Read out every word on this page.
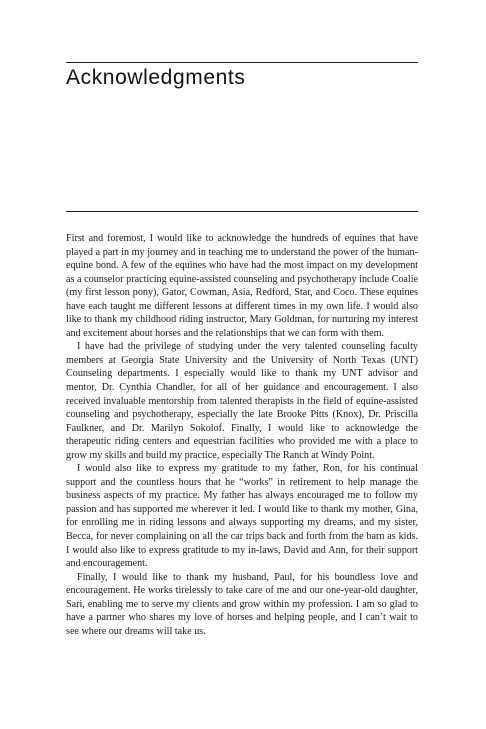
Acknowledgments

First and foremost, I would like to acknowledge the hundreds of equines that have played a part in my journey and in teaching me to understand the power of the human-equine bond. A few of the equines who have had the most impact on my development as a counselor practicing equine-assisted counseling and psychotherapy include Coalie (my first lesson pony), Gator, Cowman, Asia, Redford, Star, and Coco. These equines have each taught me different lessons at different times in my own life. I would also like to thank my childhood riding instructor, Mary Goldman, for nurturing my interest and excitement about horses and the relationships that we can form with them.

I have had the privilege of studying under the very talented counseling faculty members at Georgia State University and the University of North Texas (UNT) Counseling departments. I especially would like to thank my UNT advisor and mentor, Dr. Cynthia Chandler, for all of her guidance and encouragement. I also received invaluable mentorship from talented therapists in the field of equine-assisted counseling and psychotherapy, especially the late Brooke Pitts (Knox), Dr. Priscilla Faulkner, and Dr. Marilyn Sokolof. Finally, I would like to acknowledge the therapeutic riding centers and equestrian facilities who provided me with a place to grow my skills and build my practice, especially The Ranch at Windy Point.

I would also like to express my gratitude to my father, Ron, for his continual support and the countless hours that he “works” in retirement to help manage the business aspects of my practice. My father has always encouraged me to follow my passion and has supported me wherever it led. I would like to thank my mother, Gina, for enrolling me in riding lessons and always supporting my dreams, and my sister, Becca, for never complaining on all the car trips back and forth from the barn as kids. I would also like to express gratitude to my in-laws, David and Ann, for their support and encouragement.

Finally, I would like to thank my husband, Paul, for his boundless love and encouragement. He works tirelessly to take care of me and our one-year-old daughter, Sari, enabling me to serve my clients and grow within my profession. I am so glad to have a partner who shares my love of horses and helping people, and I can’t wait to see where our dreams will take us.
